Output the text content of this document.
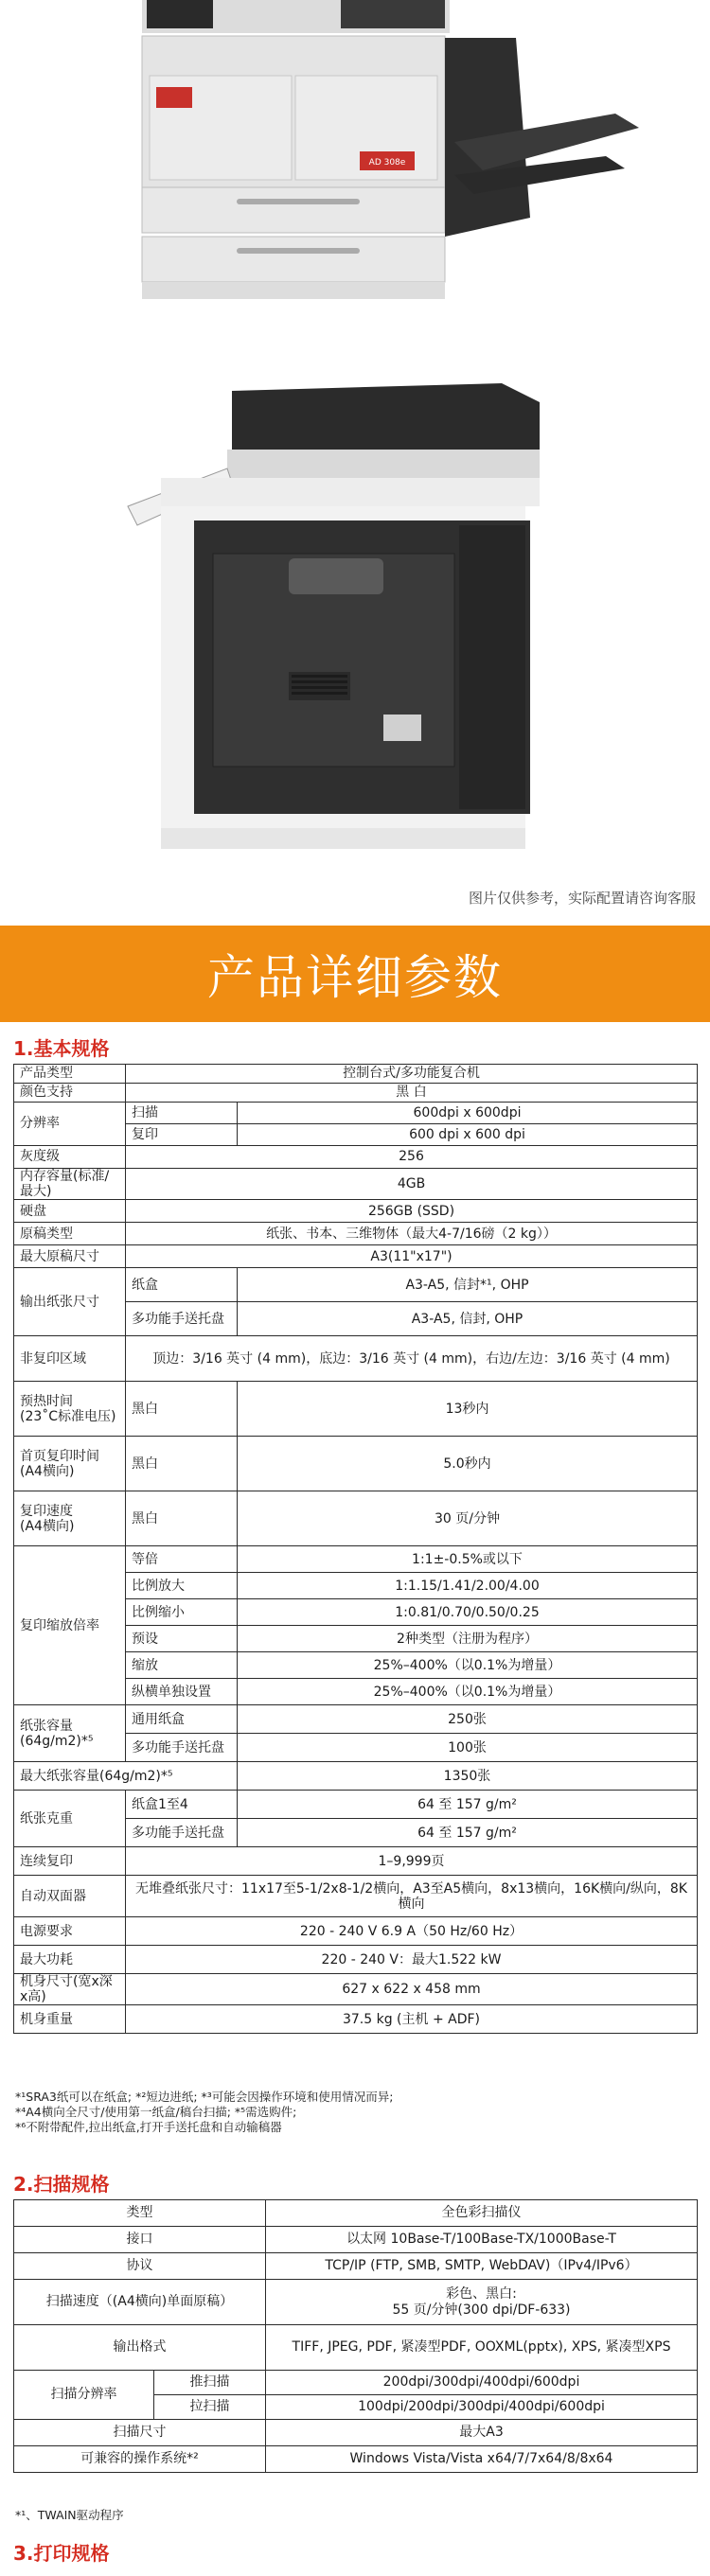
AD 308e
图片仅供参考，实际配置请咨询客服
产品详细参数
1.基本规格
产品类型	控制台式/多功能复合机	
颜色支持	黑 白	
分辨率	扫描	600dpi x 600dpi
	复印	600 dpi x 600 dpi
灰度级	256	
内存容量(标准/最大)	4GB	
硬盘	256GB (SSD)	
原稿类型	纸张、书本、三维物体（最大4-7/16磅（2 kg））	
最大原稿尺寸	A3(11"x17")	
输出纸张尺寸	纸盒	A3-A5, 信封*¹, OHP
	多功能手送托盘	A3-A5, 信封, OHP
非复印区域	顶边：3/16 英寸 (4 mm)，底边：3/16 英寸 (4 mm)，右边/左边：3/16 英寸 (4 mm)	
预热时间
(23˚C标准电压)	黑白	13秒内
首页复印时间
(A4横向)	黑白	5.0秒内
复印速度
(A4横向)	黑白	30 页/分钟
复印缩放倍率	等倍	1:1±-0.5%或以下
	比例放大	1:1.15/1.41/2.00/4.00
	比例缩小	1:0.81/0.70/0.50/0.25
	预设	2种类型（注册为程序）
	缩放	25%–400%（以0.1%为增量）
	纵横单独设置	25%–400%（以0.1%为增量）
纸张容量
(64g/m2)*⁵	通用纸盒	250张
	多功能手送托盘	100张
最大纸张容量(64g/m2)*⁵		1350张
纸张克重	纸盒1至4	64 至 157 g/m²
	多功能手送托盘	64 至 157 g/m²
连续复印	1–9,999页	
自动双面器	无堆叠纸张尺寸：11x17至5-1/2x8-1/2横向，A3至A5横向，8x13横向，16K横向/纵向，8K横向	
电源要求	220 - 240 V 6.9 A（50 Hz/60 Hz）	
最大功耗	220 - 240 V：最大1.522 kW	
机身尺寸(宽x深x高)	627 x 622 x 458 mm	
机身重量	37.5 kg (主机 + ADF)	
*¹SRA3纸可以在纸盒; *²短边进纸; *³可能会因操作环境和使用情况而异;
*⁴A4横向全尺寸/使用第一纸盒/稿台扫描; *⁵需选购件;
*⁶不附带配件,拉出纸盒,打开手送托盘和自动输稿器
2.扫描规格
类型		全色彩扫描仪
接口		以太网 10Base-T/100Base-TX/1000Base-T
协议		TCP/IP (FTP, SMB, SMTP, WebDAV)（IPv4/IPv6）
扫描速度（(A4横向)单面原稿）		彩色、黑白:
55 页/分钟(300 dpi/DF-633)
输出格式		TIFF, JPEG, PDF, 紧凑型PDF, OOXML(pptx), XPS, 紧凑型XPS
扫描分辨率	推扫描	200dpi/300dpi/400dpi/600dpi
	拉扫描	100dpi/200dpi/300dpi/400dpi/600dpi
扫描尺寸		最大A3
可兼容的操作系统*²		Windows Vista/Vista x64/7/7x64/8/8x64
*¹、TWAIN驱动程序
3.打印规格
